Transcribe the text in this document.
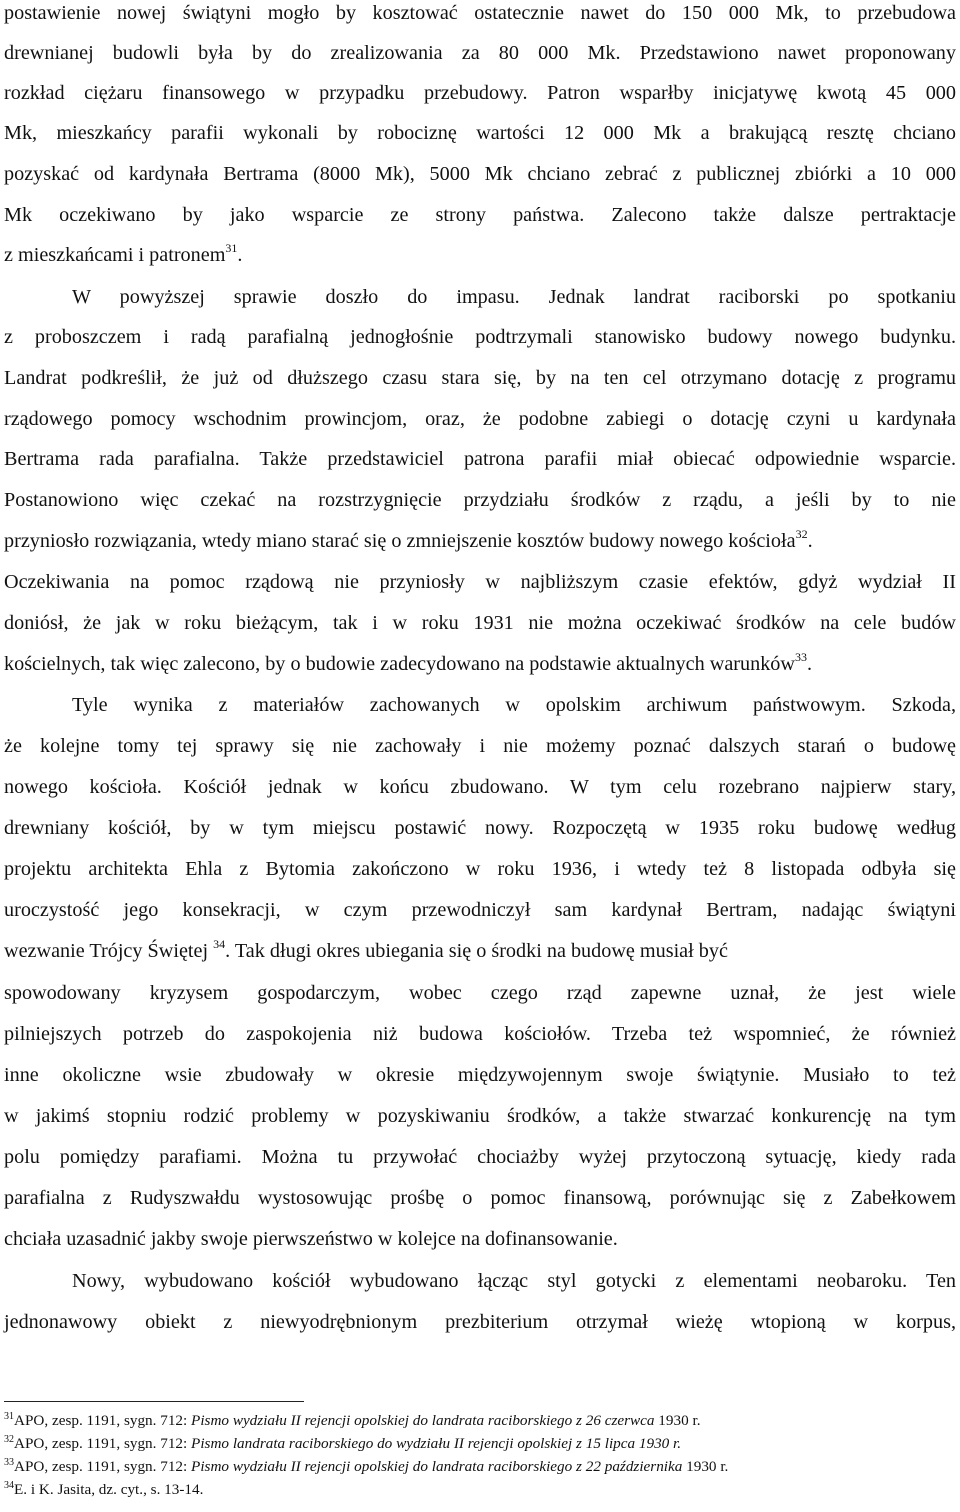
postawienie nowej świątyni mogło by kosztować ostatecznie nawet do 150 000 Mk, to przebudowa
drewnianej budowli była by do zrealizowania za 80 000 Mk. Przedstawiono nawet proponowany
rozkład ciężaru finansowego w przypadku przebudowy. Patron wsparłby inicjatywę kwotą 45 000
Mk, mieszkańcy parafii wykonali by robociznę wartości 12 000 Mk a brakującą resztę chciano
pozyskać od kardynała Bertrama (8000 Mk), 5000 Mk chciano zebrać z publicznej zbiórki a 10 000
Mk oczekiwano by jako wsparcie ze strony państwa. Zalecono także dalsze pertraktacje
z mieszkańcami i patronem$^{31}$.
W powyższej sprawie doszło do impasu. Jednak landrat raciborski po spotkaniu
z proboszczem i radą parafialną jednogłośnie podtrzymali stanowisko budowy nowego budynku.
Landrat podkreślił, że już od dłuższego czasu stara się, by na ten cel otrzymano dotację z programu
rządowego pomocy wschodnim prowincjom, oraz, że podobne zabiegi o dotację czyni u kardynała
Bertrama rada parafialna. Także przedstawiciel patrona parafii miał obiecać odpowiednie wsparcie.
Postanowiono więc czekać na rozstrzygnięcie przydziału środków z rządu, a jeśli by to nie
przyniosło rozwiązania, wtedy miano starać się o zmniejszenie kosztów budowy nowego kościoła$^{32}$.
Oczekiwania na pomoc rządową nie przyniosły w najbliższym czasie efektów, gdyż wydział II
doniósł, że jak w roku bieżącym, tak i w roku 1931 nie można oczekiwać środków na cele budów
kościelnych, tak więc zalecono, by o budowie zadecydowano na podstawie aktualnych warunków$^{33}$.
Tyle wynika z materiałów zachowanych w opolskim archiwum państwowym. Szkoda,
że kolejne tomy tej sprawy się nie zachowały i nie możemy poznać dalszych starań o budowę
nowego kościoła. Kościół jednak w końcu zbudowano. W tym celu rozebrano najpierw stary,
drewniany kościół, by w tym miejscu postawić nowy. Rozpoczętą w 1935 roku budowę według
projektu architekta Ehla z Bytomia zakończono w roku 1936, i wtedy też 8 listopada odbyła się
uroczystość jego konsekracji, w czym przewodniczył sam kardynał Bertram, nadając świątyni
wezwanie Trójcy Świętej $^{34}$. Tak długi okres ubiegania się o środki na budowę musiał być
spowodowany kryzysem gospodarczym, wobec czego rząd zapewne uznał, że jest wiele
pilniejszych potrzeb do zaspokojenia niż budowa kościołów. Trzeba też wspomnieć, że również
inne okoliczne wsie zbudowały w okresie międzywojennym swoje świątynie. Musiało to też
w jakimś stopniu rodzić problemy w pozyskiwaniu środków, a także stwarzać konkurencję na tym
polu pomiędzy parafiami. Można tu przywołać chociażby wyżej przytoczoną sytuację, kiedy rada
parafialna z Rudyszwałdu wystosowując prośbę o pomoc finansową, porównując się z Zabełkowem
chciała uzasadnić jakby swoje pierwszeństwo w kolejce na dofinansowanie.
Nowy, wybudowano kościół wybudowano łącząc styl gotycki z elementami neobaroku. Ten
jednonawowy obiekt z niewyodrębnionym prezbiterium otrzymał wieżę wtopioną w korpus,
$^{31}$APO, zesp. 1191, sygn. 712: Pismo wydziału II rejencji opolskiej do landrata raciborskiego z 26 czerwca 1930 r.
$^{32}$APO, zesp. 1191, sygn. 712: Pismo landrata raciborskiego do wydziału II rejencji opolskiej z 15 lipca 1930 r.
$^{33}$APO, zesp. 1191, sygn. 712: Pismo wydziału II rejencji opolskiej do landrata raciborskiego z 22 października 1930 r.
$^{34}$E. i K. Jasita, dz. cyt., s. 13-14.
